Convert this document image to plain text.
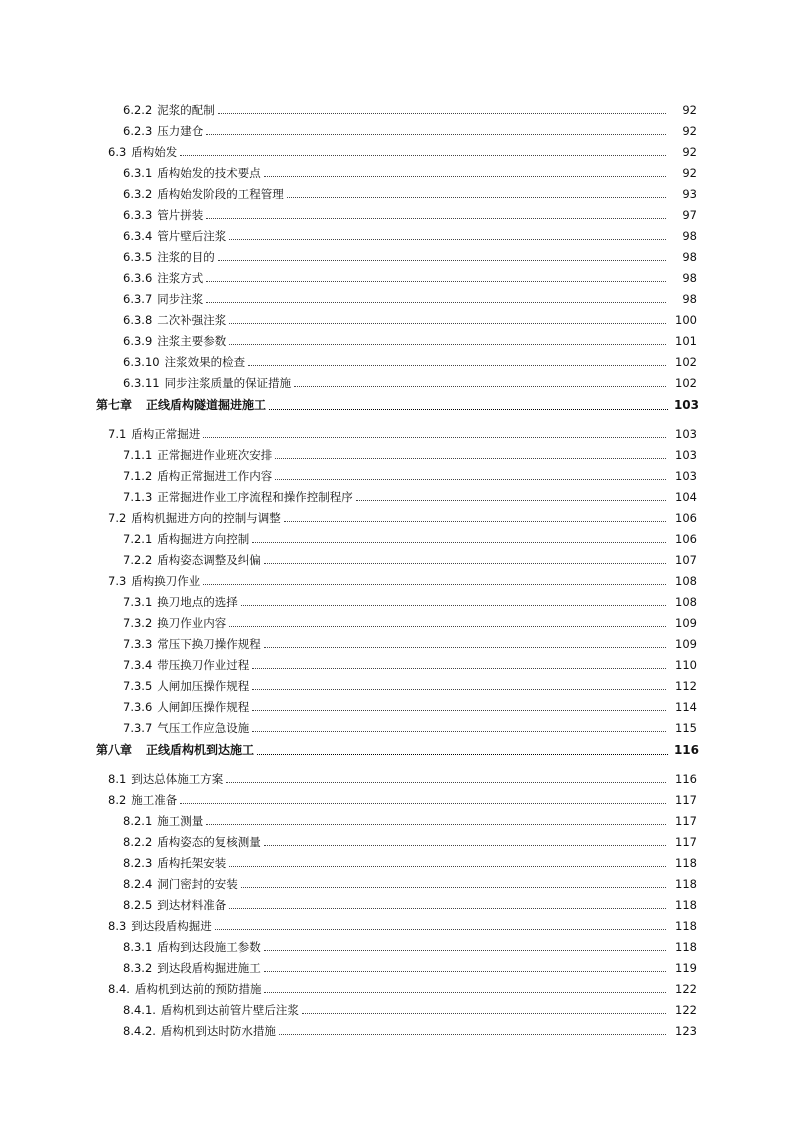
6.2.2 泥浆的配制	92
6.2.3 压力建仓	92
6.3 盾构始发	92
6.3.1 盾构始发的技术要点	92
6.3.2 盾构始发阶段的工程管理	93
6.3.3 管片拼装	97
6.3.4 管片壁后注浆	98
6.3.5 注浆的目的	98
6.3.6 注浆方式	98
6.3.7 同步注浆	98
6.3.8 二次补强注浆	100
6.3.9 注浆主要参数	101
6.3.10 注浆效果的检查	102
6.3.11 同步注浆质量的保证措施	102
第七章	正线盾构隧道掘进施工	103
7.1 盾构正常掘进	103
7.1.1 正常掘进作业班次安排	103
7.1.2 盾构正常掘进工作内容	103
7.1.3 正常掘进作业工序流程和操作控制程序	104
7.2 盾构机掘进方向的控制与调整	106
7.2.1 盾构掘进方向控制	106
7.2.2 盾构姿态调整及纠偏	107
7.3 盾构换刀作业	108
7.3.1 换刀地点的选择	108
7.3.2 换刀作业内容	109
7.3.3 常压下换刀操作规程	109
7.3.4 带压换刀作业过程	110
7.3.5 人闸加压操作规程	112
7.3.6 人闸卸压操作规程	114
7.3.7 气压工作应急设施	115
第八章	正线盾构机到达施工	116
8.1 到达总体施工方案	116
8.2 施工准备	117
8.2.1 施工测量	117
8.2.2 盾构姿态的复核测量	117
8.2.3 盾构托架安装	118
8.2.4 洞门密封的安装	118
8.2.5 到达材料准备	118
8.3 到达段盾构掘进	118
8.3.1 盾构到达段施工参数	118
8.3.2 到达段盾构掘进施工	119
8.4. 盾构机到达前的预防措施	122
8.4.1. 盾构机到达前管片壁后注浆	122
8.4.2. 盾构机到达时防水措施	123
